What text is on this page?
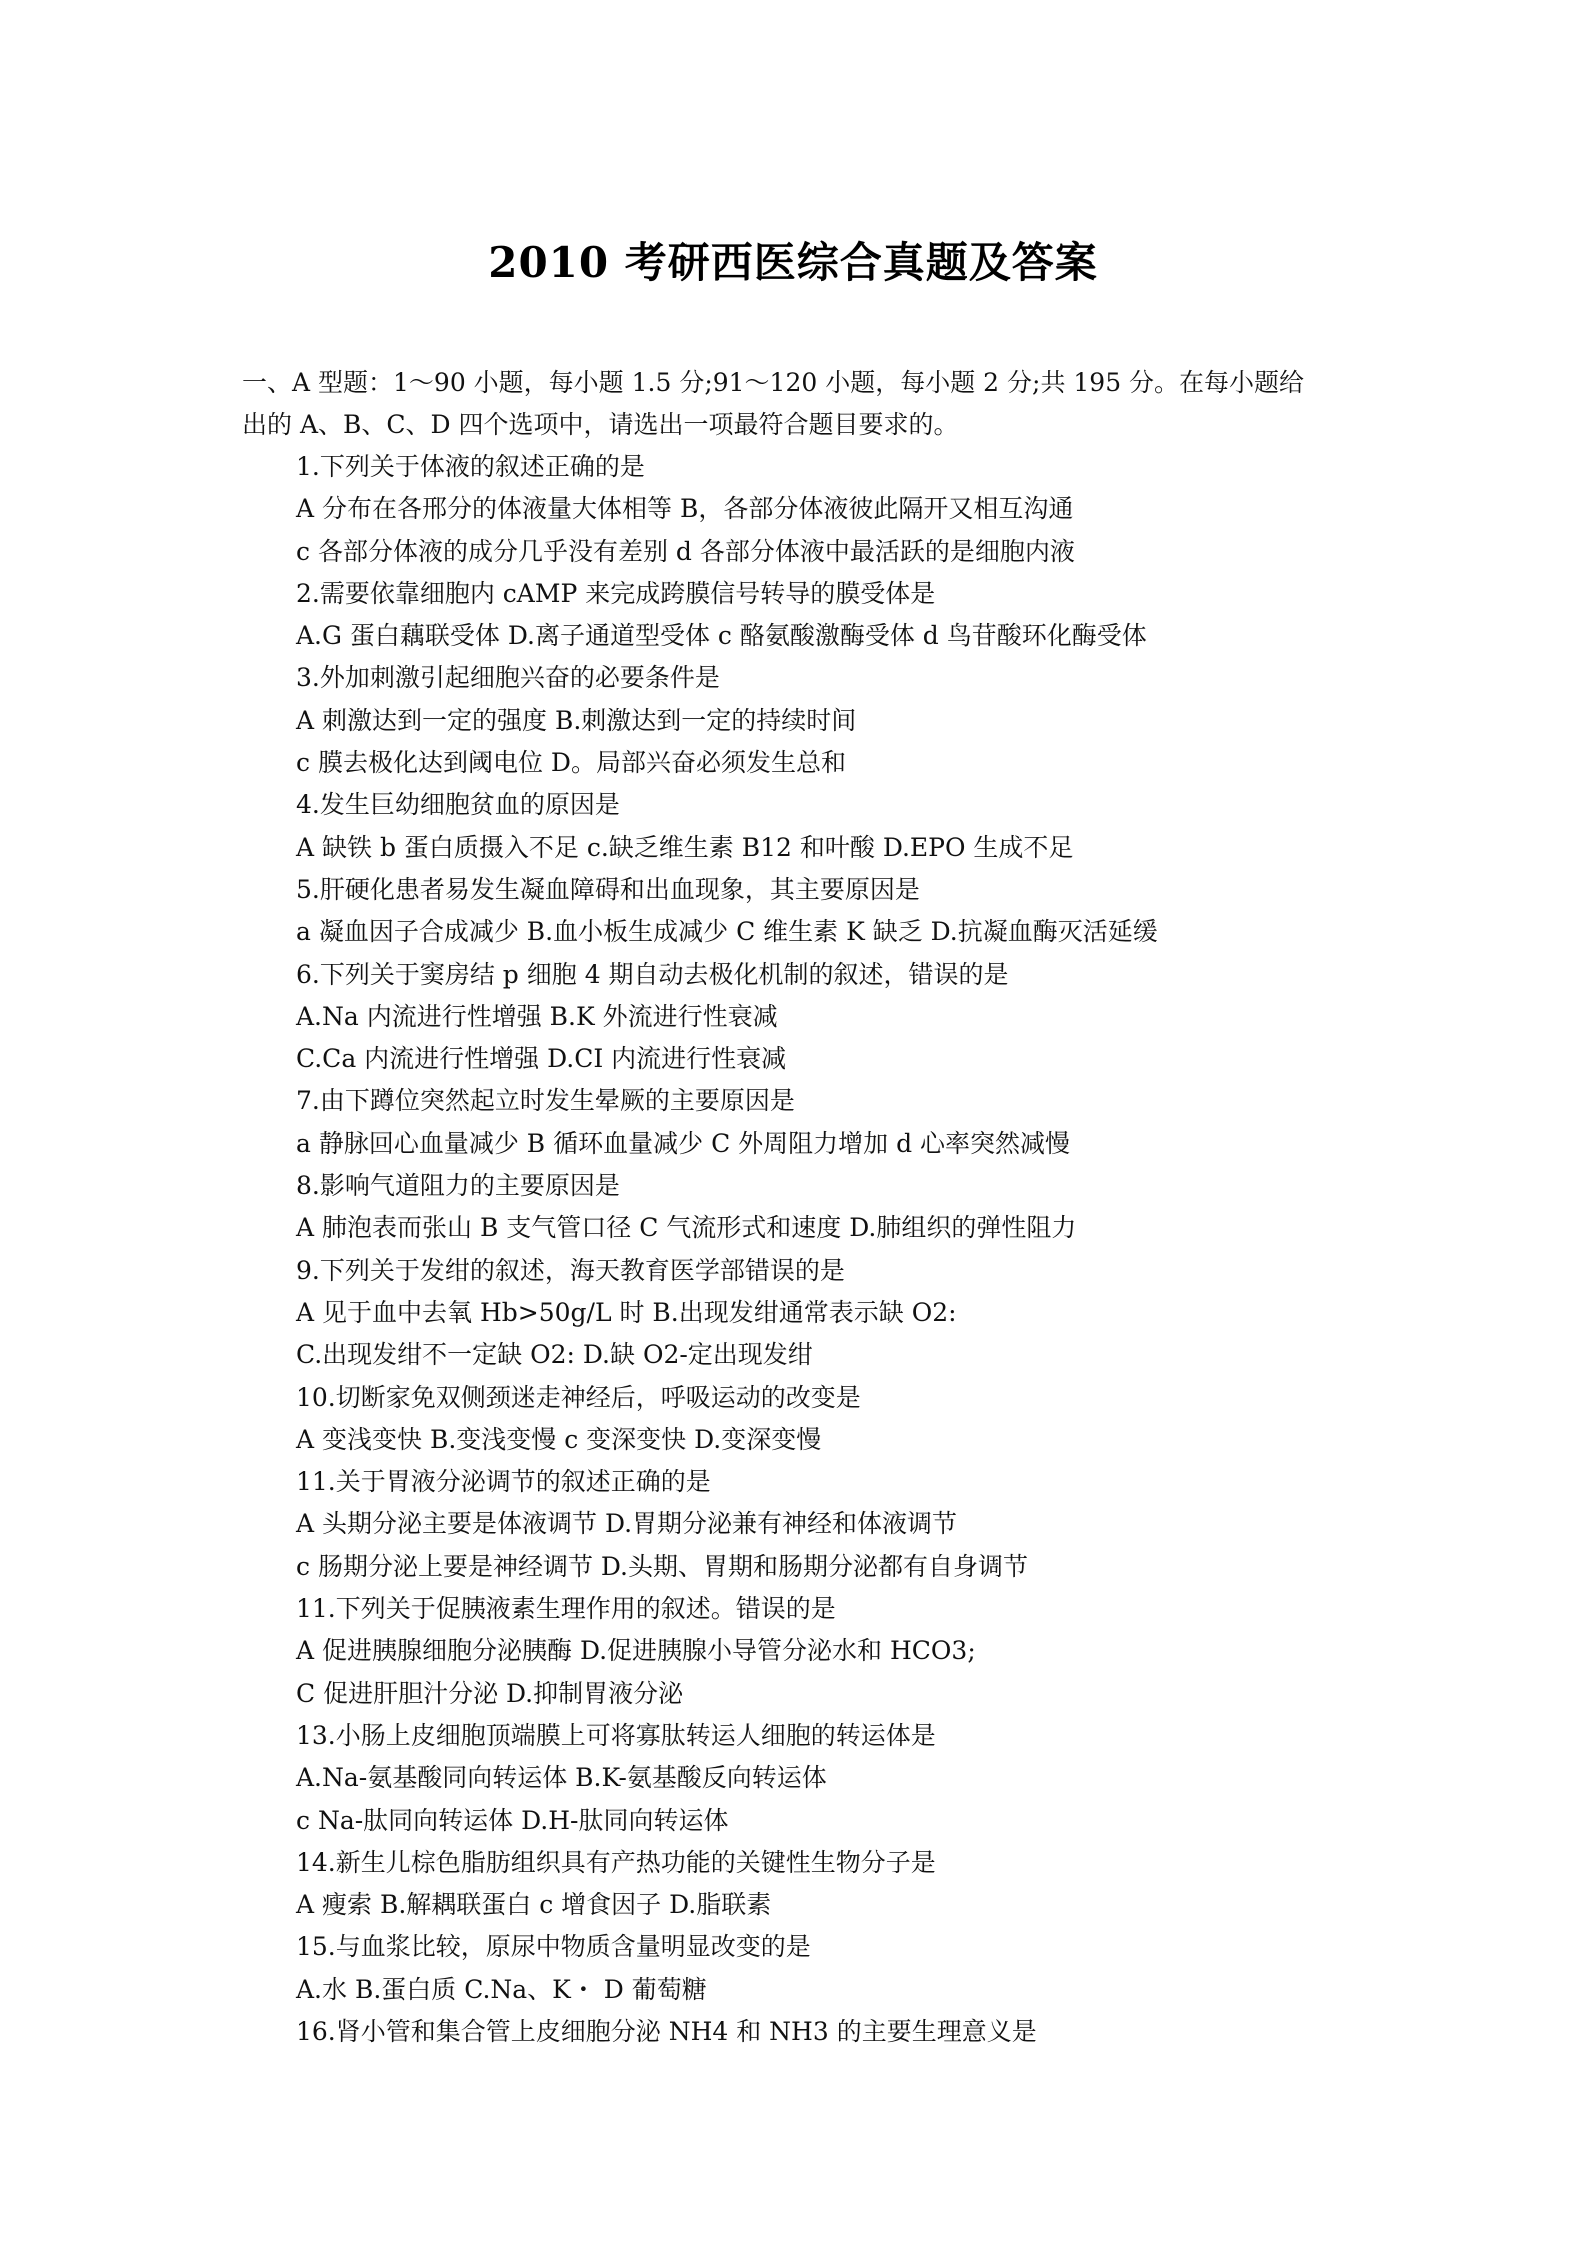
2010 考研西医综合真题及答案

一、A 型题：1～90 小题，每小题 1.5 分;91～120 小题，每小题 2 分;共 195 分。在每小题给

出的 A、B、C、D 四个选项中，请选出一项最符合题目要求的。

1.下列关于体液的叙述正确的是

A 分布在各邢分的体液量大体相等 B，各部分体液彼此隔开又相互沟通

c 各部分体液的成分几乎没有差别 d 各部分体液中最活跃的是细胞内液

2.需要依靠细胞内 cAMP 来完成跨膜信号转导的膜受体是

A.G 蛋白藕联受体 D.离子通道型受体 c 酪氨酸激酶受体 d 鸟苷酸环化酶受体

3.外加刺激引起细胞兴奋的必要条件是

A 刺激达到一定的强度 B.刺激达到一定的持续时间

c 膜去极化达到阈电位 D。局部兴奋必须发生总和

4.发生巨幼细胞贫血的原因是

A 缺铁 b 蛋白质摄入不足 c.缺乏维生素 B12 和叶酸 D.EPO 生成不足

5.肝硬化患者易发生凝血障碍和出血现象，其主要原因是

a 凝血因子合成减少 B.血小板生成减少 C 维生素 K 缺乏 D.抗凝血酶灭活延缓

6.下列关于窦房结 p 细胞 4 期自动去极化机制的叙述，错误的是

A.Na 内流进行性增强 B.K 外流进行性衰减

C.Ca 内流进行性增强 D.CI 内流进行性衰减

7.由下蹲位突然起立时发生晕厥的主要原因是

a 静脉回心血量减少 B 循环血量减少 C 外周阻力增加 d 心率突然减慢

8.影响气道阻力的主要原因是

A 肺泡表而张山 B 支气管口径 C 气流形式和速度 D.肺组织的弹性阻力

9.下列关于发绀的叙述，海天教育医学部错误的是

A 见于血中去氧 Hb>50g/L 时 B.出现发绀通常表示缺 O2:

C.出现发绀不一定缺 O2: D.缺 O2-定出现发绀

10.切断家免双侧颈迷走神经后，呼吸运动的改变是

A 变浅变快 B.变浅变慢 c 变深变快 D.变深变慢

11.关于胃液分泌调节的叙述正确的是

A 头期分泌主要是体液调节 D.胃期分泌兼有神经和体液调节

c 肠期分泌上要是神经调节 D.头期、胃期和肠期分泌都有自身调节

11.下列关于促胰液素生理作用的叙述。错误的是

A 促进胰腺细胞分泌胰酶 D.促进胰腺小导管分泌水和 HCO3;

C 促进肝胆汁分泌 D.抑制胃液分泌

13.小肠上皮细胞顶端膜上可将寡肽转运人细胞的转运体是

A.Na-氨基酸同向转运体 B.K-氨基酸反向转运体

c Na-肽同向转运体 D.H-肽同向转运体

14.新生儿棕色脂肪组织具有产热功能的关键性生物分子是

A 瘦索 B.解耦联蛋白 c 增食因子 D.脂联素

15.与血浆比较，原尿中物质含量明显改变的是

A.水 B.蛋白质 C.Na、K・ D 葡萄糖

16.肾小管和集合管上皮细胞分泌 NH4 和 NH3 的主要生理意义是
